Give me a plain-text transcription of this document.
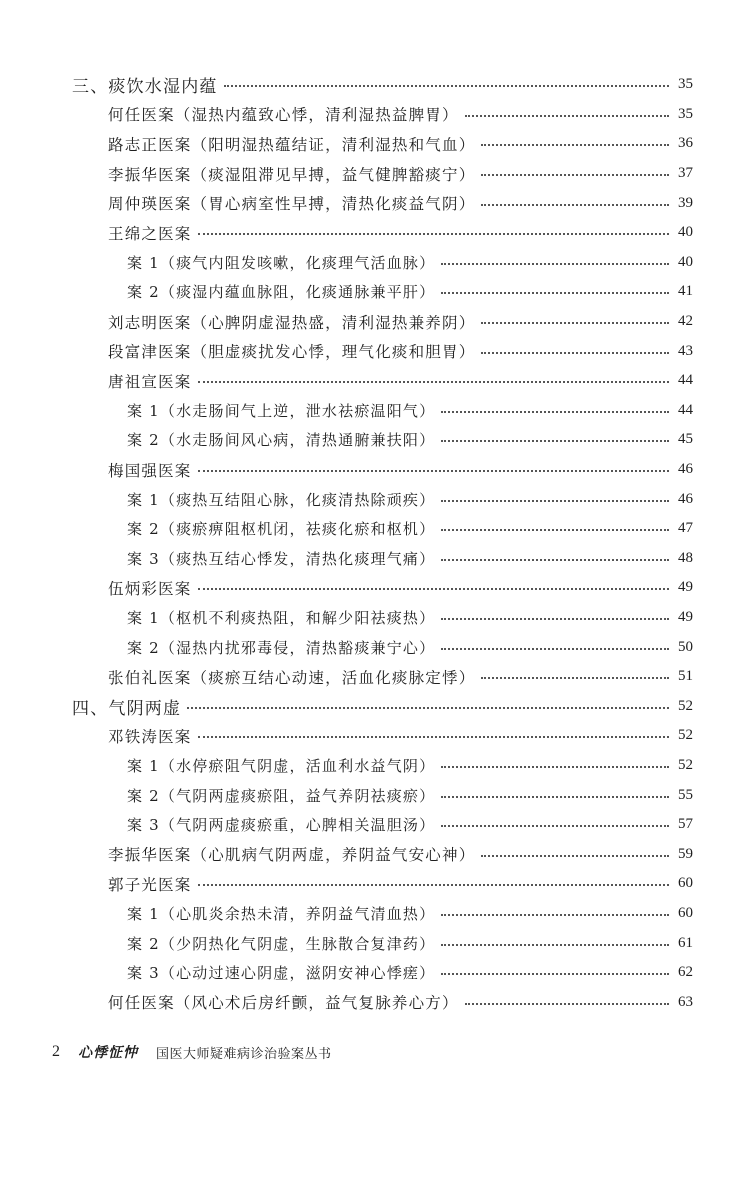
三、痰饮水湿内蕴	35
何任医案（湿热内蕴致心悸，清利湿热益脾胃）	35
路志正医案（阳明湿热蕴结证，清利湿热和气血）	36
李振华医案（痰湿阻滞见早搏，益气健脾豁痰宁）	37
周仲瑛医案（胃心病室性早搏，清热化痰益气阴）	39
王绵之医案	40
案 1（痰气内阻发咳嗽，化痰理气活血脉）	40
案 2（痰湿内蕴血脉阻，化痰通脉兼平肝）	41
刘志明医案（心脾阴虚湿热盛，清利湿热兼养阴）	42
段富津医案（胆虚痰扰发心悸，理气化痰和胆胃）	43
唐祖宣医案	44
案 1（水走肠间气上逆，泄水祛瘀温阳气）	44
案 2（水走肠间风心病，清热通腑兼扶阳）	45
梅国强医案	46
案 1（痰热互结阻心脉，化痰清热除顽疾）	46
案 2（痰瘀痹阻枢机闭，祛痰化瘀和枢机）	47
案 3（痰热互结心悸发，清热化痰理气痛）	48
伍炳彩医案	49
案 1（枢机不利痰热阻，和解少阳祛痰热）	49
案 2（湿热内扰邪毒侵，清热豁痰兼宁心）	50
张伯礼医案（痰瘀互结心动速，活血化痰脉定悸）	51
四、气阴两虚	52
邓铁涛医案	52
案 1（水停瘀阻气阴虚，活血利水益气阴）	52
案 2（气阴两虚痰瘀阻，益气养阴祛痰瘀）	55
案 3（气阴两虚痰瘀重，心脾相关温胆汤）	57
李振华医案（心肌病气阴两虚，养阴益气安心神）	59
郭子光医案	60
案 1（心肌炎余热未清，养阴益气清血热）	60
案 2（少阴热化气阴虚，生脉散合复津药）	61
案 3（心动过速心阴虚，滋阴安神心悸瘥）	62
何任医案（风心术后房纤颤，益气复脉养心方）	63
2 心悸怔忡 国医大师疑难病诊治验案丛书
